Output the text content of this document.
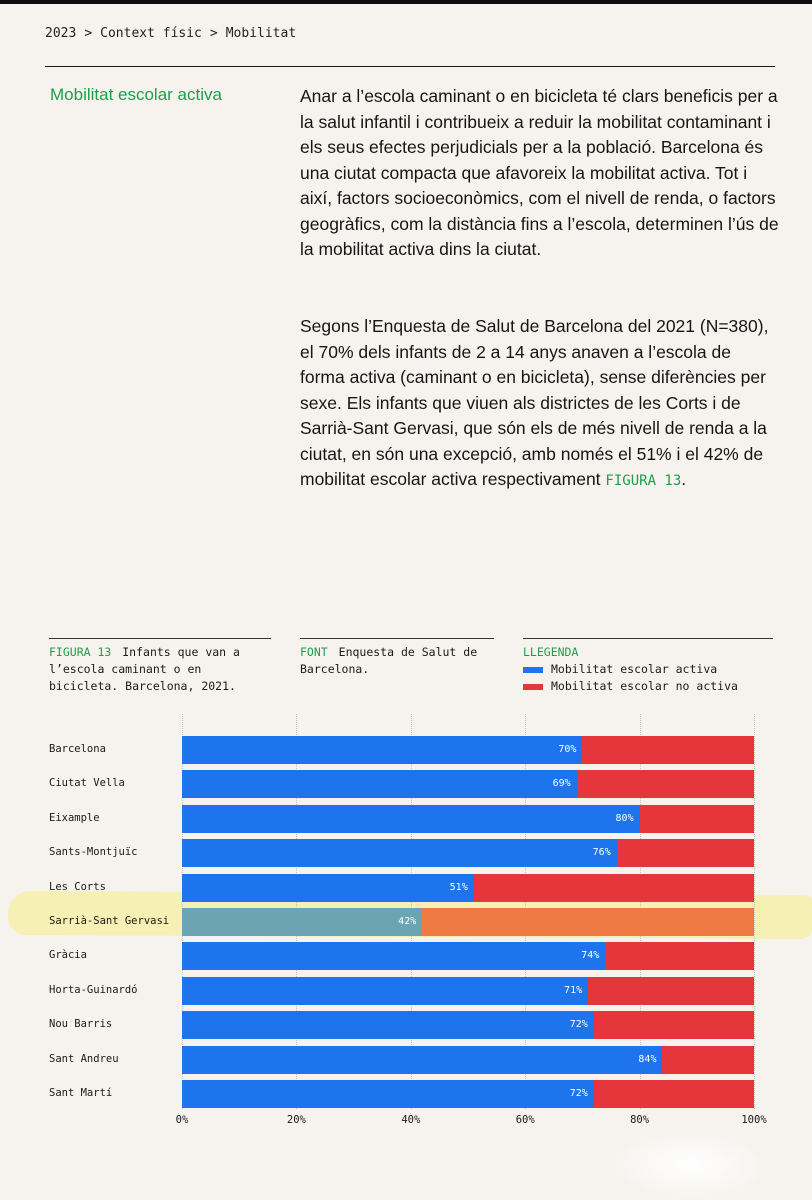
2023 > Context físic > Mobilitat
Mobilitat escolar activa	Anar a l’escola caminant o en bicicleta té clars beneficis per a la salut infantil i contribueix a reduir la mobilitat contaminant i els seus efectes perjudicials per a la població. Barcelona és una ciutat compacta que afavoreix la mobilitat activa. Tot i així, factors socioeconòmics, com el nivell de renda, o factors geogràfics, com la distància fins a l’escola, determinen l’ús de la mobilitat activa dins la ciutat.

Segons l’Enquesta de Salut de Barcelona del 2021 (N=380), el 70% dels infants de 2 a 14 anys anaven a l’escola de forma activa (caminant o en bicicleta), sense diferències per sexe. Els infants que viuen als districtes de les Corts i de Sarrià-Sant Gervasi, que són els de més nivell de renda a la ciutat, en són una excepció, amb només el 51% i el 42% de mobilitat escolar activa respectivament FIGURA 13.

FIGURA 13 Infants que van a l’escola caminant o en bicicleta. Barcelona, 2021.
FONT Enquesta de Salut de Barcelona.
LLEGENDA
Mobilitat escolar activa
Mobilitat escolar no activa
0%	20%	40%	60%	80%	100%
Barcelona	70%
Ciutat Vella	69%
Eixample	80%
Sants-Montjuïc	76%
Les Corts	51%
Sarrià-Sant Gervasi	42%
Gràcia	74%
Horta-Guinardó	71%
Nou Barris	72%
Sant Andreu	84%
Sant Martí	72%
